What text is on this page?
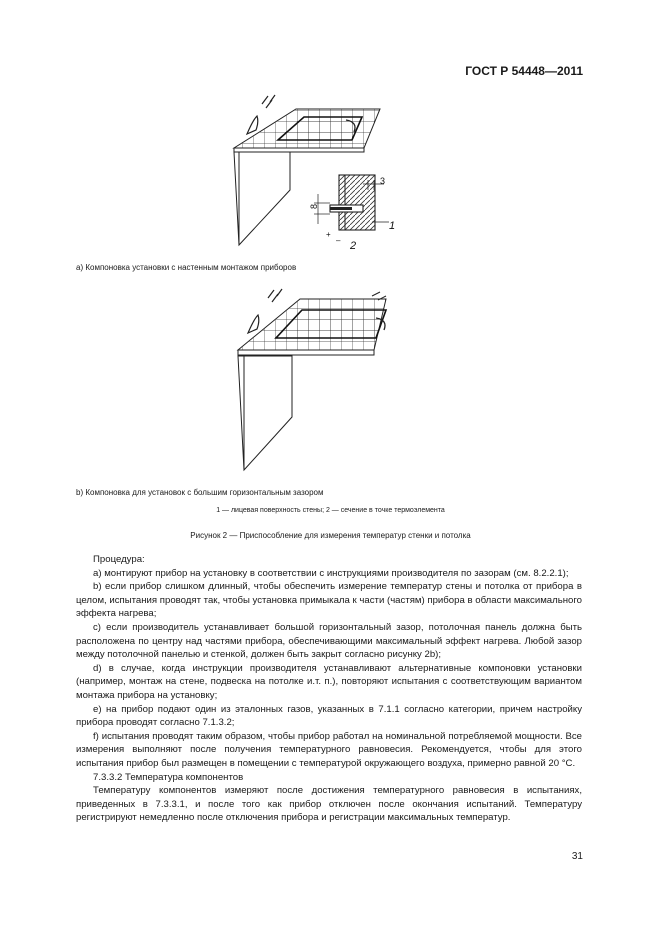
ГОСТ Р 54448—2011
8
3
1
2
+
–
а) Компоновка установки с настенным монтажом приборов
b) Компоновка для установок с большим горизонтальным зазором
1 — лицевая поверхность стены; 2 — сечение в точке термоэлемента
Рисунок 2 — Приспособление для измерения температур стенки и потолка

Процедура:

а) монтируют прибор на установку в соответствии с инструкциями производителя по зазорам (см. 8.2.2.1);

b) если прибор слишком длинный, чтобы обеспечить измерение температур стены и потолка от прибора в целом, испытания проводят так, чтобы установка примыкала к части (частям) прибора в области максимального эффекта нагрева;

с) если производитель устанавливает большой горизонтальный зазор, потолочная панель должна быть расположена по центру над частями прибора, обеспечивающими максимальный эффект нагрева. Любой зазор между потолочной панелью и стенкой, должен быть закрыт согласно рисунку 2b);

d) в случае, когда инструкции производителя устанавливают альтернативные компоновки установки (например, монтаж на стене, подвеска на потолке и.т. п.), повторяют испытания с соответствующим вариантом монтажа прибора на установку;

е) на прибор подают один из эталонных газов, указанных в 7.1.1 согласно категории, причем настройку прибора проводят согласно 7.1.3.2;

f) испытания проводят таким образом, чтобы прибор работал на номинальной потребляемой мощности. Все измерения выполняют после получения температурного равновесия. Рекомендуется, чтобы для этого испытания прибор был размещен в помещении с температурой окружающего воздуха, примерно равной 20 °С.

7.3.3.2 Температура компонентов

Температуру компонентов измеряют после достижения температурного равновесия в испытаниях, приведенных в 7.3.3.1, и после того как прибор отключен после окончания испытаний. Температуру регистрируют немедленно после отключения прибора и регистрации максимальных температур.

31
